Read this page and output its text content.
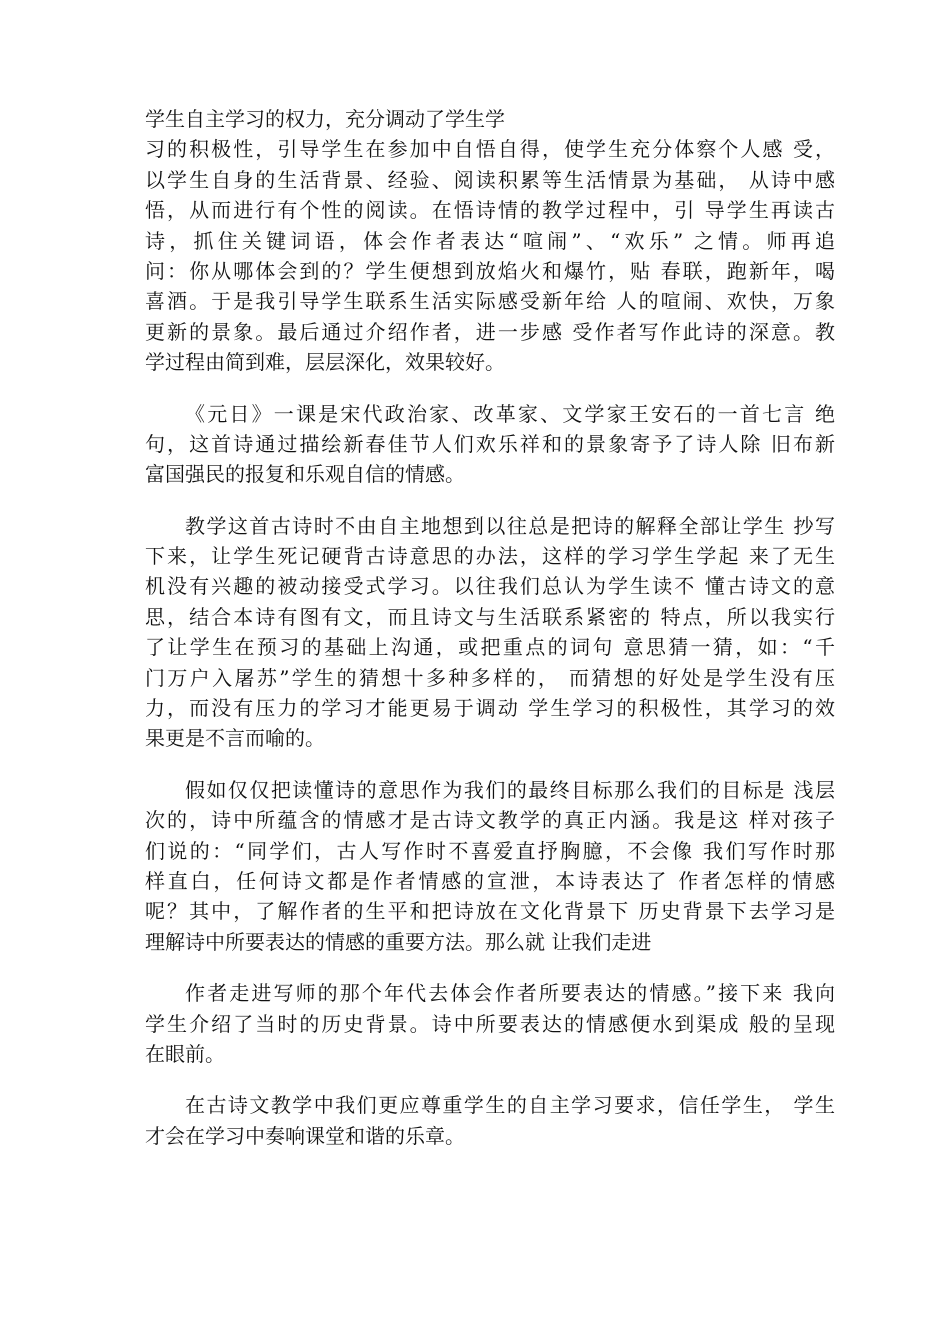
学生自主学习的权力，充分调动了学生学
习的积极性，引导学生在参加中自悟自得，使学生充分体察个人感 受，
以学生自身的生活背景、经验、阅读积累等生活情景为基础， 从诗中感
悟，从而进行有个性的阅读。在悟诗情的教学过程中，引 导学生再读古
诗，抓住关键词语，体会作者表达“喧闹”、“欢乐” 之情。师再追
问：你从哪体会到的？学生便想到放焰火和爆竹，贴 春联，跑新年，喝
喜酒。于是我引导学生联系生活实际感受新年给 人的喧闹、欢快，万象
更新的景象。最后通过介绍作者，进一步感 受作者写作此诗的深意。教
学过程由简到难，层层深化，效果较好。
《元日》一课是宋代政治家、改革家、文学家王安石的一首七言 绝
句，这首诗通过描绘新春佳节人们欢乐祥和的景象寄予了诗人除 旧布新
富国强民的报复和乐观自信的情感。
教学这首古诗时不由自主地想到以往总是把诗的解释全部让学生 抄写
下来，让学生死记硬背古诗意思的办法，这样的学习学生学起 来了无生
机没有兴趣的被动接受式学习。以往我们总认为学生读不 懂古诗文的意
思，结合本诗有图有文，而且诗文与生活联系紧密的 特点，所以我实行
了让学生在预习的基础上沟通，或把重点的词句 意思猜一猜，如：“千
门万户入屠苏”学生的猜想十多种多样的， 而猜想的好处是学生没有压
力，而没有压力的学习才能更易于调动 学生学习的积极性，其学习的效
果更是不言而喻的。
假如仅仅把读懂诗的意思作为我们的最终目标那么我们的目标是 浅层
次的，诗中所蕴含的情感才是古诗文教学的真正内涵。我是这 样对孩子
们说的：“同学们，古人写作时不喜爱直抒胸臆，不会像 我们写作时那
样直白，任何诗文都是作者情感的宣泄，本诗表达了 作者怎样的情感
呢？其中，了解作者的生平和把诗放在文化背景下 历史背景下去学习是
理解诗中所要表达的情感的重要方法。那么就 让我们走进
作者走进写师的那个年代去体会作者所要表达的情感。”接下来 我向
学生介绍了当时的历史背景。诗中所要表达的情感便水到渠成 般的呈现
在眼前。
在古诗文教学中我们更应尊重学生的自主学习要求，信任学生， 学生
才会在学习中奏响课堂和谐的乐章。
